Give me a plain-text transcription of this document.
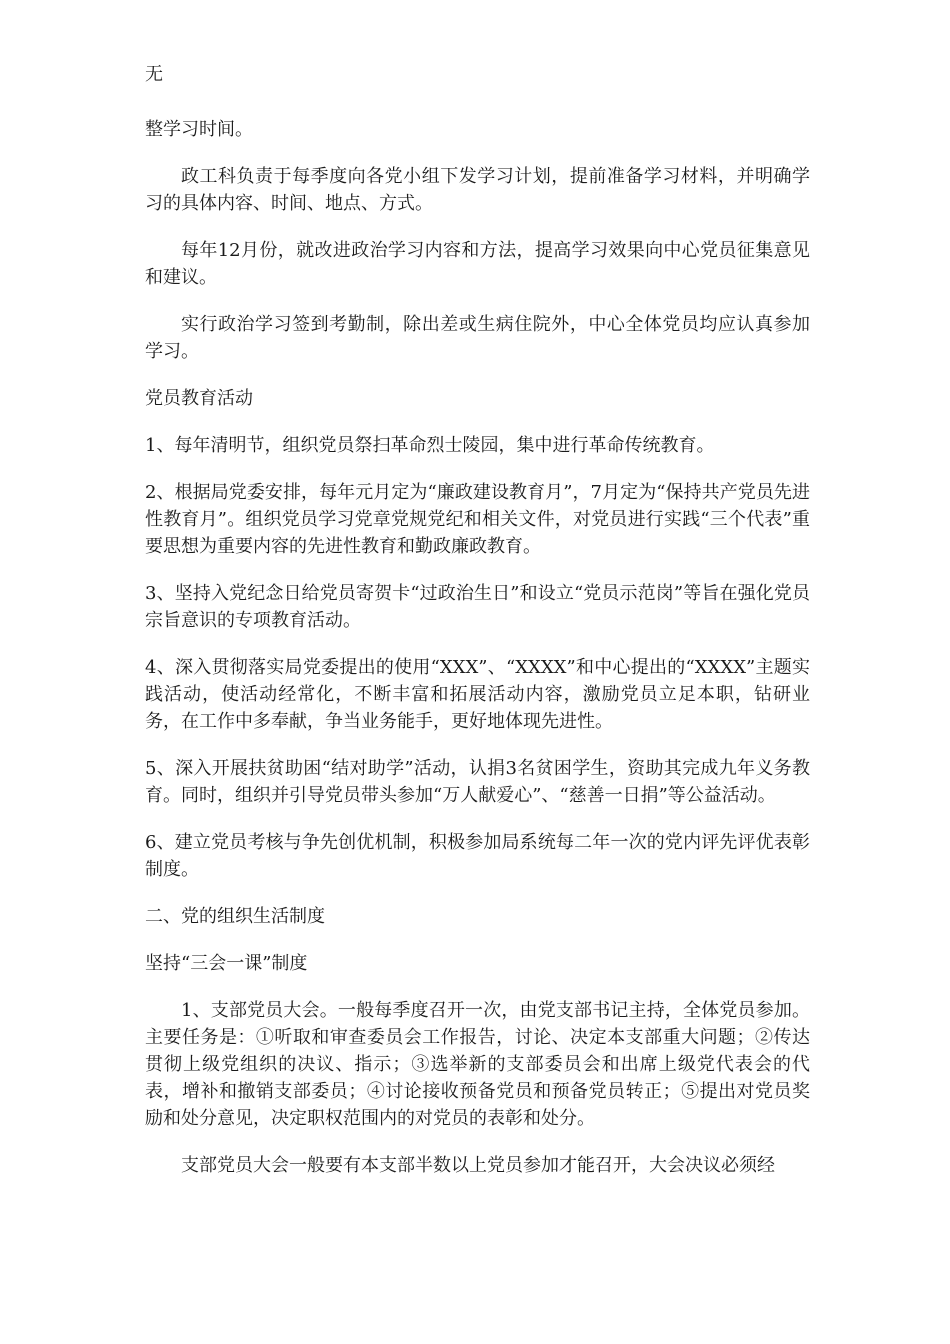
无

整学习时间。

政工科负责于每季度向各党小组下发学习计划，提前准备学习材料，并明确学习的具体内容、时间、地点、方式。

每年12月份，就改进政治学习内容和方法，提高学习效果向中心党员征集意见和建议。

实行政治学习签到考勤制，除出差或生病住院外，中心全体党员均应认真参加学习。

党员教育活动

1、每年清明节，组织党员祭扫革命烈士陵园，集中进行革命传统教育。

2、根据局党委安排，每年元月定为“廉政建设教育月”，7月定为“保持共产党员先进性教育月”。组织党员学习党章党规党纪和相关文件，对党员进行实践“三个代表”重要思想为重要内容的先进性教育和勤政廉政教育。

3、坚持入党纪念日给党员寄贺卡“过政治生日”和设立“党员示范岗”等旨在强化党员宗旨意识的专项教育活动。

4、深入贯彻落实局党委提出的使用“XXX”、“XXXX”和中心提出的“XXXX”主题实践活动，使活动经常化，不断丰富和拓展活动内容，激励党员立足本职，钻研业务，在工作中多奉献，争当业务能手，更好地体现先进性。

5、深入开展扶贫助困“结对助学”活动，认捐3名贫困学生，资助其完成九年义务教育。同时，组织并引导党员带头参加“万人献爱心”、“慈善一日捐”等公益活动。

6、建立党员考核与争先创优机制，积极参加局系统每二年一次的党内评先评优表彰制度。

二、党的组织生活制度

坚持“三会一课”制度

1、支部党员大会。一般每季度召开一次，由党支部书记主持，全体党员参加。主要任务是：①听取和审查委员会工作报告，讨论、决定本支部重大问题；②传达贯彻上级党组织的决议、指示；③选举新的支部委员会和出席上级党代表会的代表，增补和撤销支部委员；④讨论接收预备党员和预备党员转正；⑤提出对党员奖励和处分意见，决定职权范围内的对党员的表彰和处分。

支部党员大会一般要有本支部半数以上党员参加才能召开，大会决议必须经
